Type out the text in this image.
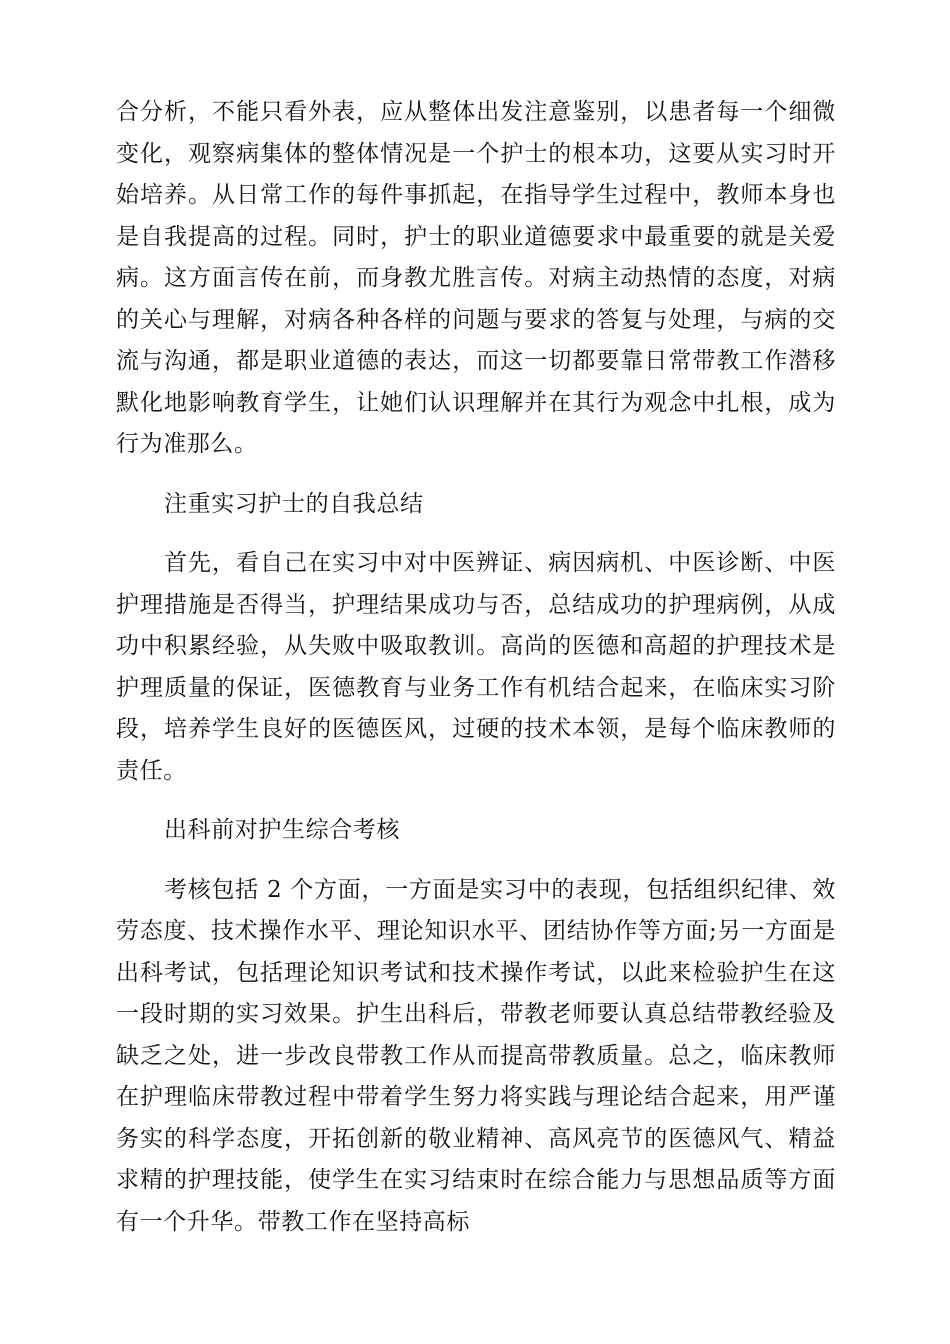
合分析，不能只看外表，应从整体出发注意鉴别，以患者每一个细微变化，观察病集体的整体情况是一个护士的根本功，这要从实习时开始培养。从日常工作的每件事抓起，在指导学生过程中，教师本身也是自我提高的过程。同时，护士的职业道德要求中最重要的就是关爱病。这方面言传在前，而身教尤胜言传。对病主动热情的态度，对病的关心与理解，对病各种各样的问题与要求的答复与处理，与病的交流与沟通，都是职业道德的表达，而这一切都要靠日常带教工作潜移默化地影响教育学生，让她们认识理解并在其行为观念中扎根，成为行为准那么。

注重实习护士的自我总结

首先，看自己在实习中对中医辨证、病因病机、中医诊断、中医护理措施是否得当，护理结果成功与否，总结成功的护理病例，从成功中积累经验，从失败中吸取教训。高尚的医德和高超的护理技术是护理质量的保证，医德教育与业务工作有机结合起来，在临床实习阶段，培养学生良好的医德医风，过硬的技术本领，是每个临床教师的责任。

出科前对护生综合考核

考核包括 2 个方面，一方面是实习中的表现，包括组织纪律、效劳态度、技术操作水平、理论知识水平、团结协作等方面;另一方面是出科考试，包括理论知识考试和技术操作考试，以此来检验护生在这一段时期的实习效果。护生出科后，带教老师要认真总结带教经验及缺乏之处，进一步改良带教工作从而提高带教质量。总之，临床教师在护理临床带教过程中带着学生努力将实践与理论结合起来，用严谨务实的科学态度，开拓创新的敬业精神、高风亮节的医德风气、精益求精的护理技能，使学生在实习结束时在综合能力与思想品质等方面有一个升华。带教工作在坚持高标
